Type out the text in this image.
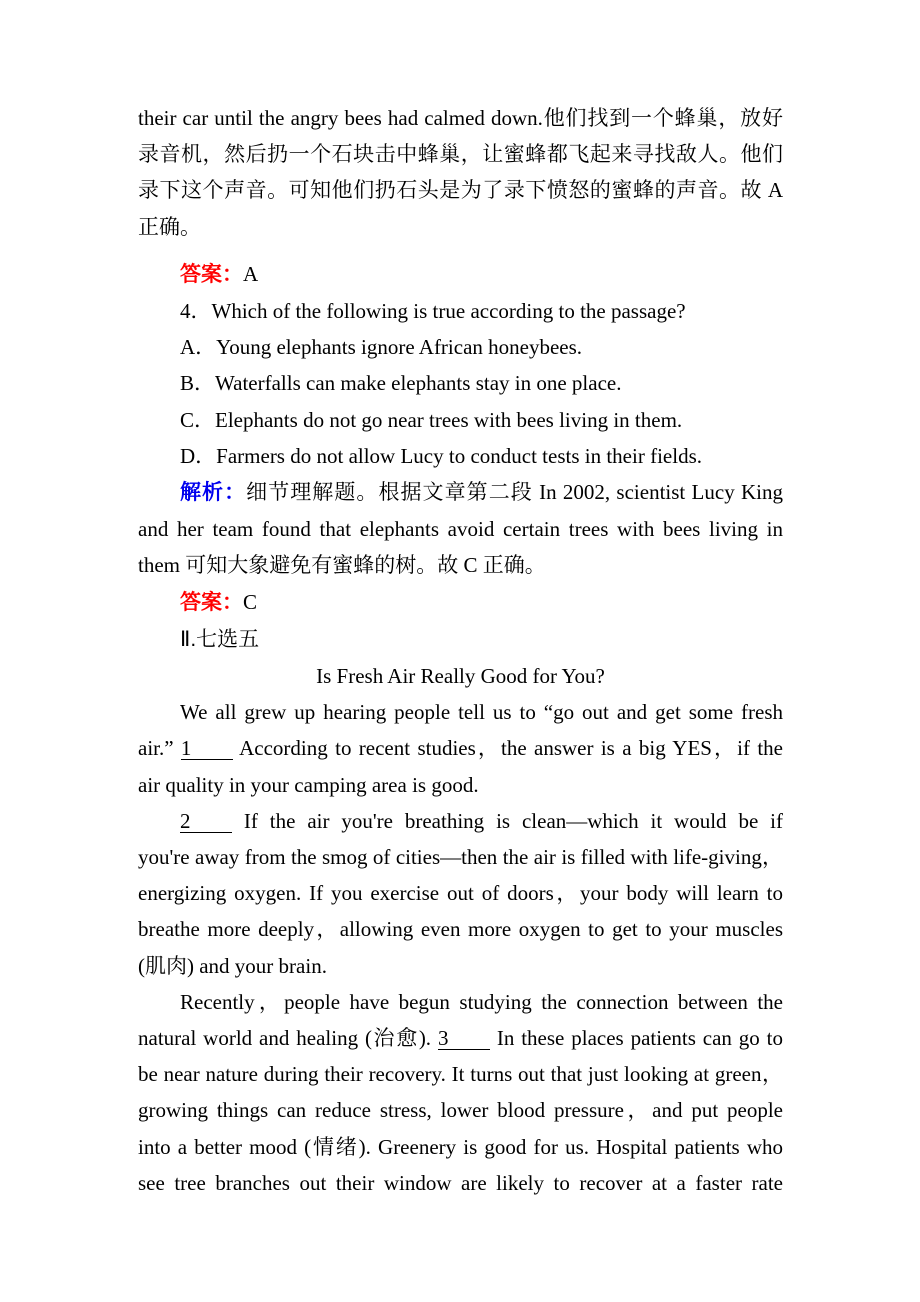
their car until the angry bees had calmed down.他们找到一个蜂巢，放好
录音机，然后扔一个石块击中蜂巢，让蜜蜂都飞起来寻找敌人。他们
录下这个声音。可知他们扔石头是为了录下愤怒的蜜蜂的声音。故 A
正确。
答案：A
4．Which of the following is true according to the passage?
A．Young elephants ignore African honeybees.
B．Waterfalls can make elephants stay in one place.
C．Elephants do not go near trees with bees living in them.
D．Farmers do not allow Lucy to conduct tests in their fields.
解析：细节理解题。根据文章第二段 In 2002, scientist Lucy King
and her team found that elephants avoid certain trees with bees living in
them 可知大象避免有蜜蜂的树。故 C 正确。
答案：C
Ⅱ.七选五
Is Fresh Air Really Good for You?
We all grew up hearing people tell us to “go out and get some fresh
air.” 1 According to recent studies，the answer is a big YES，if the
air quality in your camping area is good.
2 If the air you're breathing is clean—which it would be if
you're away from the smog of cities—then the air is filled with life-giving，
energizing oxygen. If you exercise out of doors，your body will learn to
breathe more deeply，allowing even more oxygen to get to your muscles
(肌肉) and your brain.
Recently，people have begun studying the connection between the
natural world and healing (治愈). 3 In these places patients can go to
be near nature during their recovery. It turns out that just looking at green，
growing things can reduce stress, lower blood pressure，and put people
into a better mood (情绪). Greenery is good for us. Hospital patients who
see tree branches out their window are likely to recover at a faster rate
